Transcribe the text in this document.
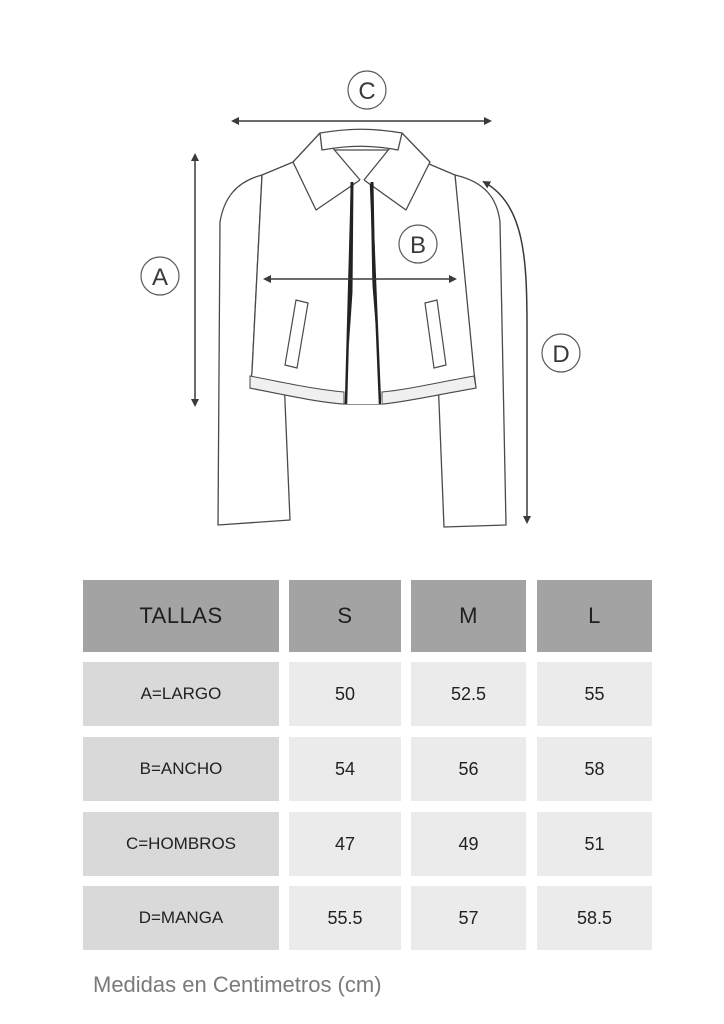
A
B
C
D
TALLAS	S	M	L
A=LARGO	50	52.5	55
B=ANCHO	54	56	58
C=HOMBROS	47	49	51
D=MANGA	55.5	57	58.5
Medidas en Centimetros (cm)
